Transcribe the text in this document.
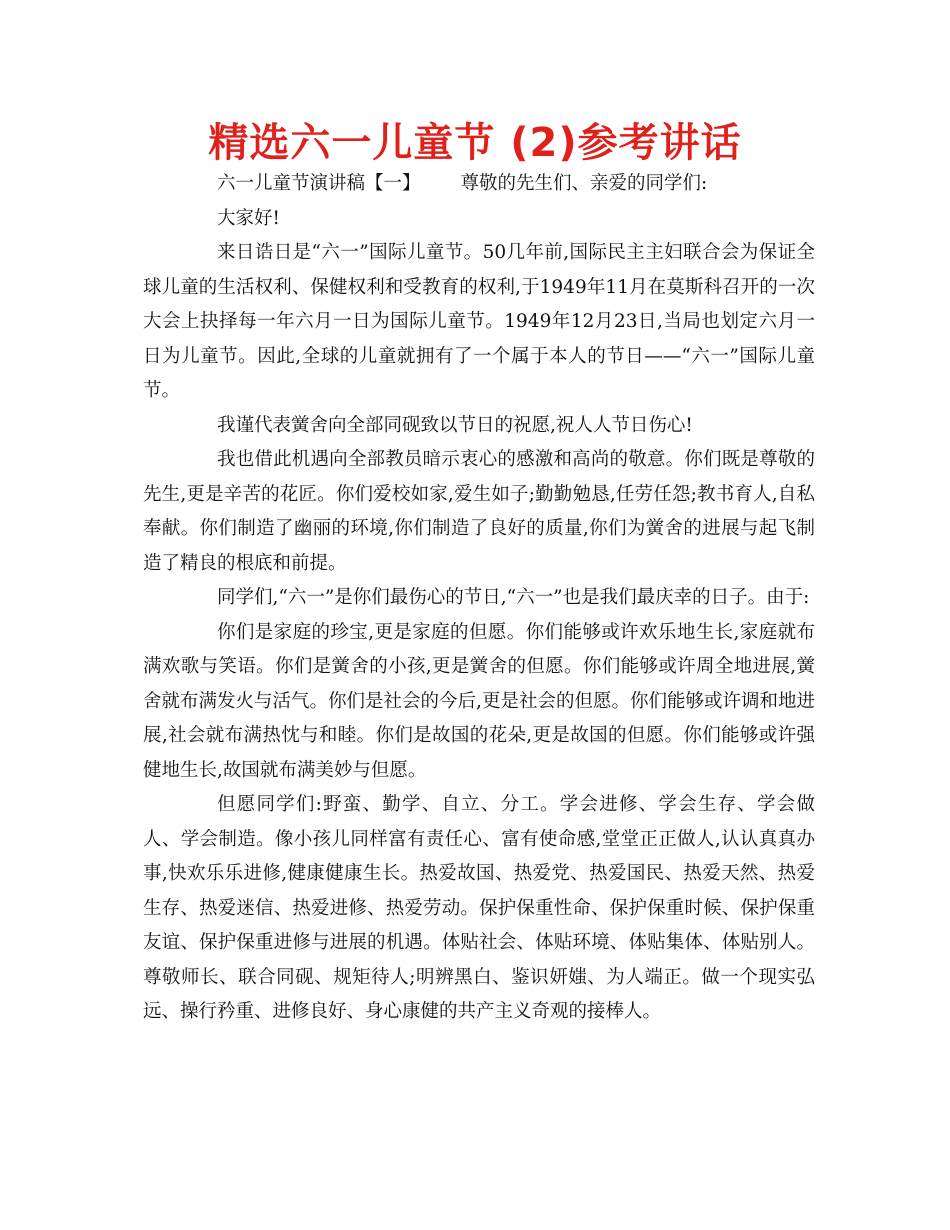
精选六一儿童节 (2)参考讲话
六一儿童节演讲稿【一】 尊敬的先生们、亲爱的同学们:

大家好!

来日诰日是“六一”国际儿童节。50几年前,国际民主主妇联合会为保证全球儿童的生活权利、保健权利和受教育的权利,于1949年11月在莫斯科召开的一次大会上抉择每一年六月一日为国际儿童节。1949年12月23日,当局也划定六月一日为儿童节。因此,全球的儿童就拥有了一个属于本人的节日——“六一”国际儿童节。

我谨代表黉舍向全部同砚致以节日的祝愿,祝人人节日伤心!

我也借此机遇向全部教员暗示衷心的感激和高尚的敬意。你们既是尊敬的先生,更是辛苦的花匠。你们爱校如家,爱生如子;勤勤勉恳,任劳任怨;教书育人,自私奉献。你们制造了幽丽的环境,你们制造了良好的质量,你们为黉舍的进展与起飞制造了精良的根底和前提。

同学们,“六一”是你们最伤心的节日,“六一”也是我们最庆幸的日子。由于:

你们是家庭的珍宝,更是家庭的但愿。你们能够或许欢乐地生长,家庭就布满欢歌与笑语。你们是黉舍的小孩,更是黉舍的但愿。你们能够或许周全地进展,黉舍就布满发火与活气。你们是社会的今后,更是社会的但愿。你们能够或许调和地进展,社会就布满热忱与和睦。你们是故国的花朵,更是故国的但愿。你们能够或许强健地生长,故国就布满美妙与但愿。

但愿同学们:野蛮、勤学、自立、分工。学会进修、学会生存、学会做人、学会制造。像小孩儿同样富有责任心、富有使命感,堂堂正正做人,认认真真办事,快欢乐乐进修,健康健康生长。热爱故国、热爱党、热爱国民、热爱天然、热爱生存、热爱迷信、热爱进修、热爱劳动。保护保重性命、保护保重时候、保护保重友谊、保护保重进修与进展的机遇。体贴社会、体贴环境、体贴集体、体贴别人。尊敬师长、联合同砚、规矩待人;明辨黑白、鉴识妍媸、为人端正。做一个现实弘远、操行矜重、进修良好、身心康健的共产主义奇观的接棒人。
